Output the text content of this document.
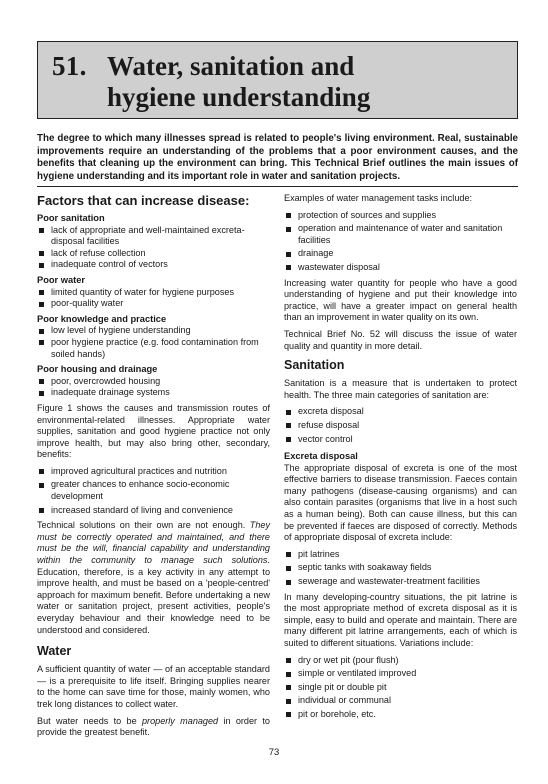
51. Water, sanitation and
hygiene understanding
The degree to which many illnesses spread is related to people's living environment. Real, sustainable improvements require an understanding of the problems that a poor environment causes, and the benefits that cleaning up the environment can bring. This Technical Brief outlines the main issues of hygiene understanding and its important role in water and sanitation projects.
Factors that can increase disease:
Poor sanitation
lack of appropriate and well-maintained excreta-disposal facilities
lack of refuse collection
inadequate control of vectors
Poor water
limited quantity of water for hygiene purposes
poor-quality water
Poor knowledge and practice
low level of hygiene understanding
poor hygiene practice (e.g. food contamination from soiled hands)
Poor housing and drainage
poor, overcrowded housing
inadequate drainage systems

Figure 1 shows the causes and transmission routes of environmental-related illnesses. Appropriate water supplies, sanitation and good hygiene practice not only improve health, but may also bring other, secondary, benefits:

improved agricultural practices and nutrition
greater chances to enhance socio-economic development
increased standard of living and convenience

Technical solutions on their own are not enough. They must be correctly operated and maintained, and there must be the will, financial capability and understanding within the community to manage such solutions. Education, therefore, is a key activity in any attempt to improve health, and must be based on a 'people-centred' approach for maximum benefit. Before undertaking a new water or sanitation project, present activities, people's everyday behaviour and their knowledge need to be understood and considered.

Water

A sufficient quantity of water — of an acceptable standard — is a prerequisite to life itself. Bringing supplies nearer to the home can save time for those, mainly women, who trek long distances to collect water.

But water needs to be properly managed in order to provide the greatest benefit.

Examples of water management tasks include:

protection of sources and supplies
operation and maintenance of water and sanitation facilities
drainage
wastewater disposal

Increasing water quantity for people who have a good understanding of hygiene and put their knowledge into practice, will have a greater impact on general health than an improvement in water quality on its own.

Technical Brief No. 52 will discuss the issue of water quality and quantity in more detail.

Sanitation

Sanitation is a measure that is undertaken to protect health. The three main categories of sanitation are:

excreta disposal
refuse disposal
vector control
Excreta disposal

The appropriate disposal of excreta is one of the most effective barriers to disease transmission. Faeces contain many pathogens (disease-causing organisms) and can also contain parasites (organisms that live in a host such as a human being). Both can cause illness, but this can be prevented if faeces are disposed of correctly. Methods of appropriate disposal of excreta include:

pit latrines
septic tanks with soakaway fields
sewerage and wastewater-treatment facilities

In many developing-country situations, the pit latrine is the most appropriate method of excreta disposal as it is simple, easy to build and operate and maintain. There are many different pit latrine arrangements, each of which is suited to different situations. Variations include:

dry or wet pit (pour flush)
simple or ventilated improved
single pit or double pit
individual or communal
pit or borehole, etc.
73
